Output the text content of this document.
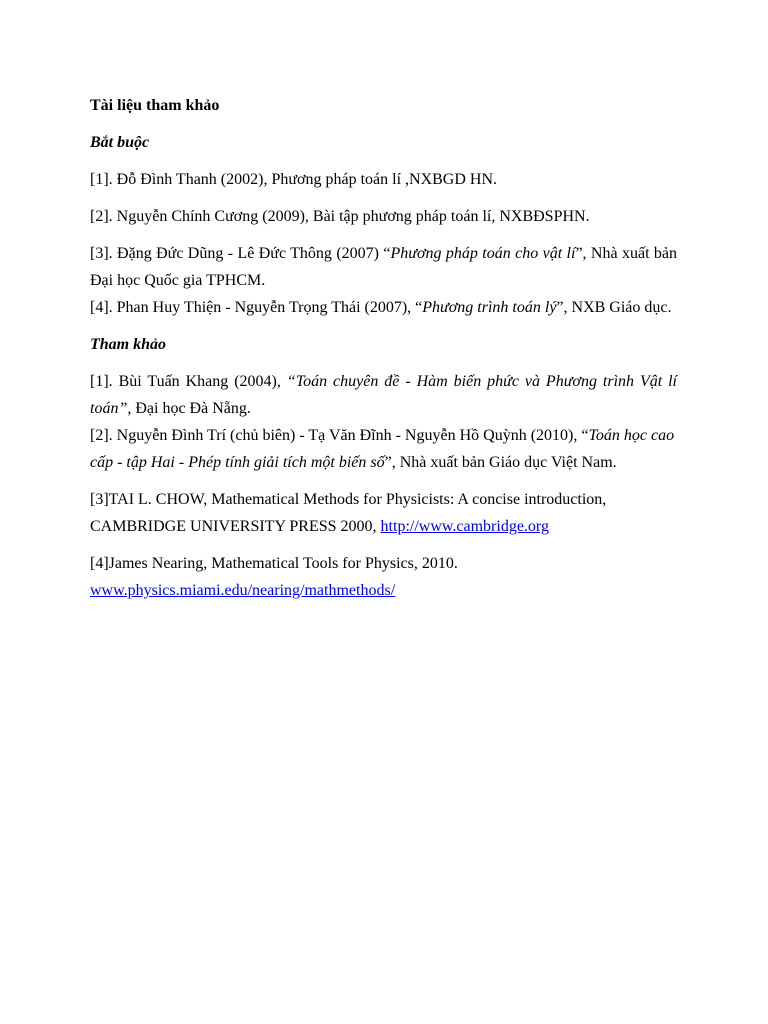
Tài liệu tham khảo
Bắt buộc
[1]. Đỗ Đình Thanh (2002), Phương pháp toán lí ,NXBGD HN.
[2]. Nguyễn Chính Cương (2009), Bài tập phương pháp toán lí, NXBĐSPHN.
[3]. Đặng Đức Dũng - Lê Đức Thông (2007) “Phương pháp toán cho vật lí”, Nhà xuất bản Đại học Quốc gia TPHCM.
[4]. Phan Huy Thiện - Nguyễn Trọng Thái (2007), “Phương trình toán lý”, NXB Giáo dục.
Tham khảo
[1]. Bùi Tuấn Khang (2004), “Toán chuyên đề - Hàm biến phức và Phương trình Vật lí toán”, Đại học Đà Nẵng.
[2]. Nguyễn Đình Trí (chủ biên) - Tạ Văn Đĩnh - Nguyễn Hồ Quỳnh (2010), “Toán học cao cấp - tập Hai - Phép tính giải tích một biến số”, Nhà xuất bản Giáo dục Việt Nam.
[3]TAI L. CHOW, Mathematical Methods for Physicists: A concise introduction, CAMBRIDGE UNIVERSITY PRESS 2000, http://www.cambridge.org
[4]James Nearing, Mathematical Tools for Physics, 2010.
www.physics.miami.edu/nearing/mathmethods/
